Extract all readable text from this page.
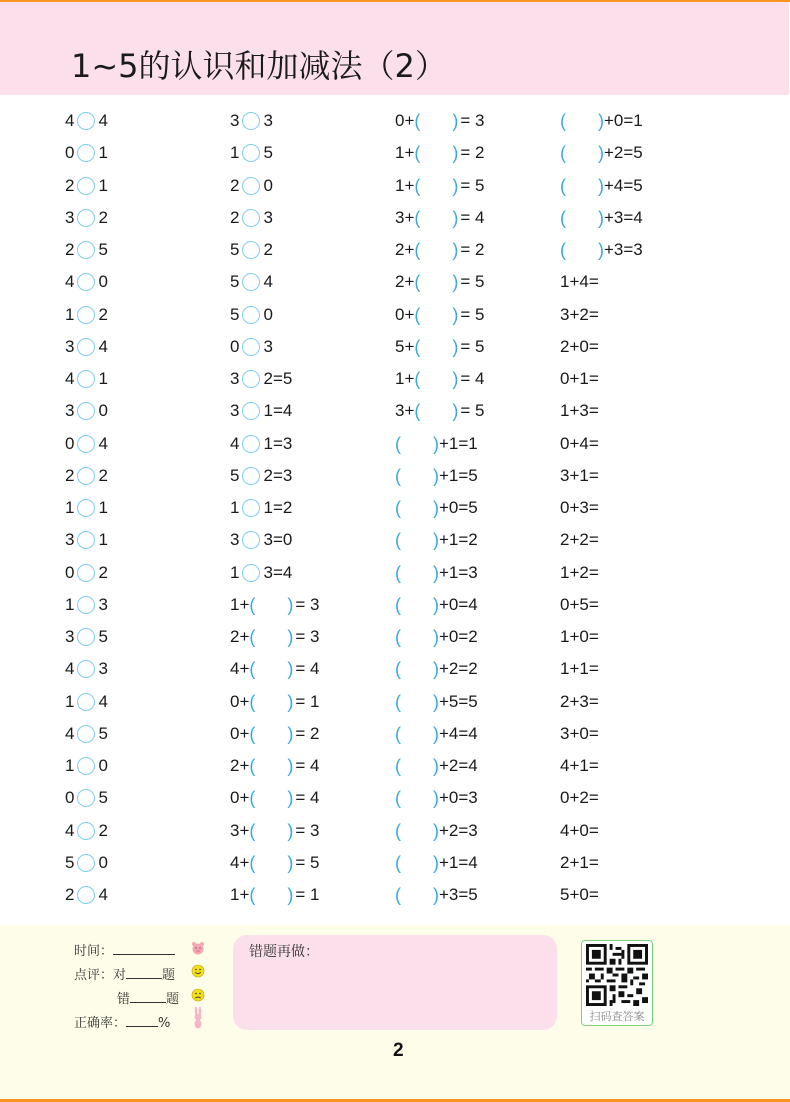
1~5的认识和加减法（2）
4 4
0 1
2 1
3 2
2 5
4 0
1 2
3 4
4 1
3 0
0 4
2 2
1 1
3 1
0 2
1 3
3 5
4 3
1 4
4 5
1 0
0 5
4 2
5 0
2 4
3 3
1 5
2 0
2 3
5 2
5 4
5 0
0 3
3 2 =5
3 1 =4
4 1 =3
5 2 =3
1 1 =2
3 3 =0
1 3 =4
1+ ( ) = 3
2+ ( ) = 3
4+ ( ) = 4
0+ ( ) = 1
0+ ( ) = 2
2+ ( ) = 4
0+ ( ) = 4
3+ ( ) = 3
4+ ( ) = 5
1+ ( ) = 1
0+ ( ) = 3
1+ ( ) = 2
1+ ( ) = 5
3+ ( ) = 4
2+ ( ) = 2
2+ ( ) = 5
0+ ( ) = 5
5+ ( ) = 5
1+ ( ) = 4
3+ ( ) = 5
( ) +1=1
( ) +1=5
( ) +0=5
( ) +1=2
( ) +1=3
( ) +0=4
( ) +0=2
( ) +2=2
( ) +5=5
( ) +4=4
( ) +2=4
( ) +0=3
( ) +2=3
( ) +1=4
( ) +3=5
( ) +0=1
( ) +2=5
( ) +4=5
( ) +3=4
( ) +3=3
1+4=
3+2=
2+0=
0+1=
1+3=
0+4=
3+1=
0+3=
2+2=
1+2=
0+5=
1+0=
1+1=
2+3=
3+0=
4+1=
0+2=
4+0=
2+1=
5+0=
时间：
点评：对	题
错	题
正确率： %
错题再做：
扫码查答案
2
